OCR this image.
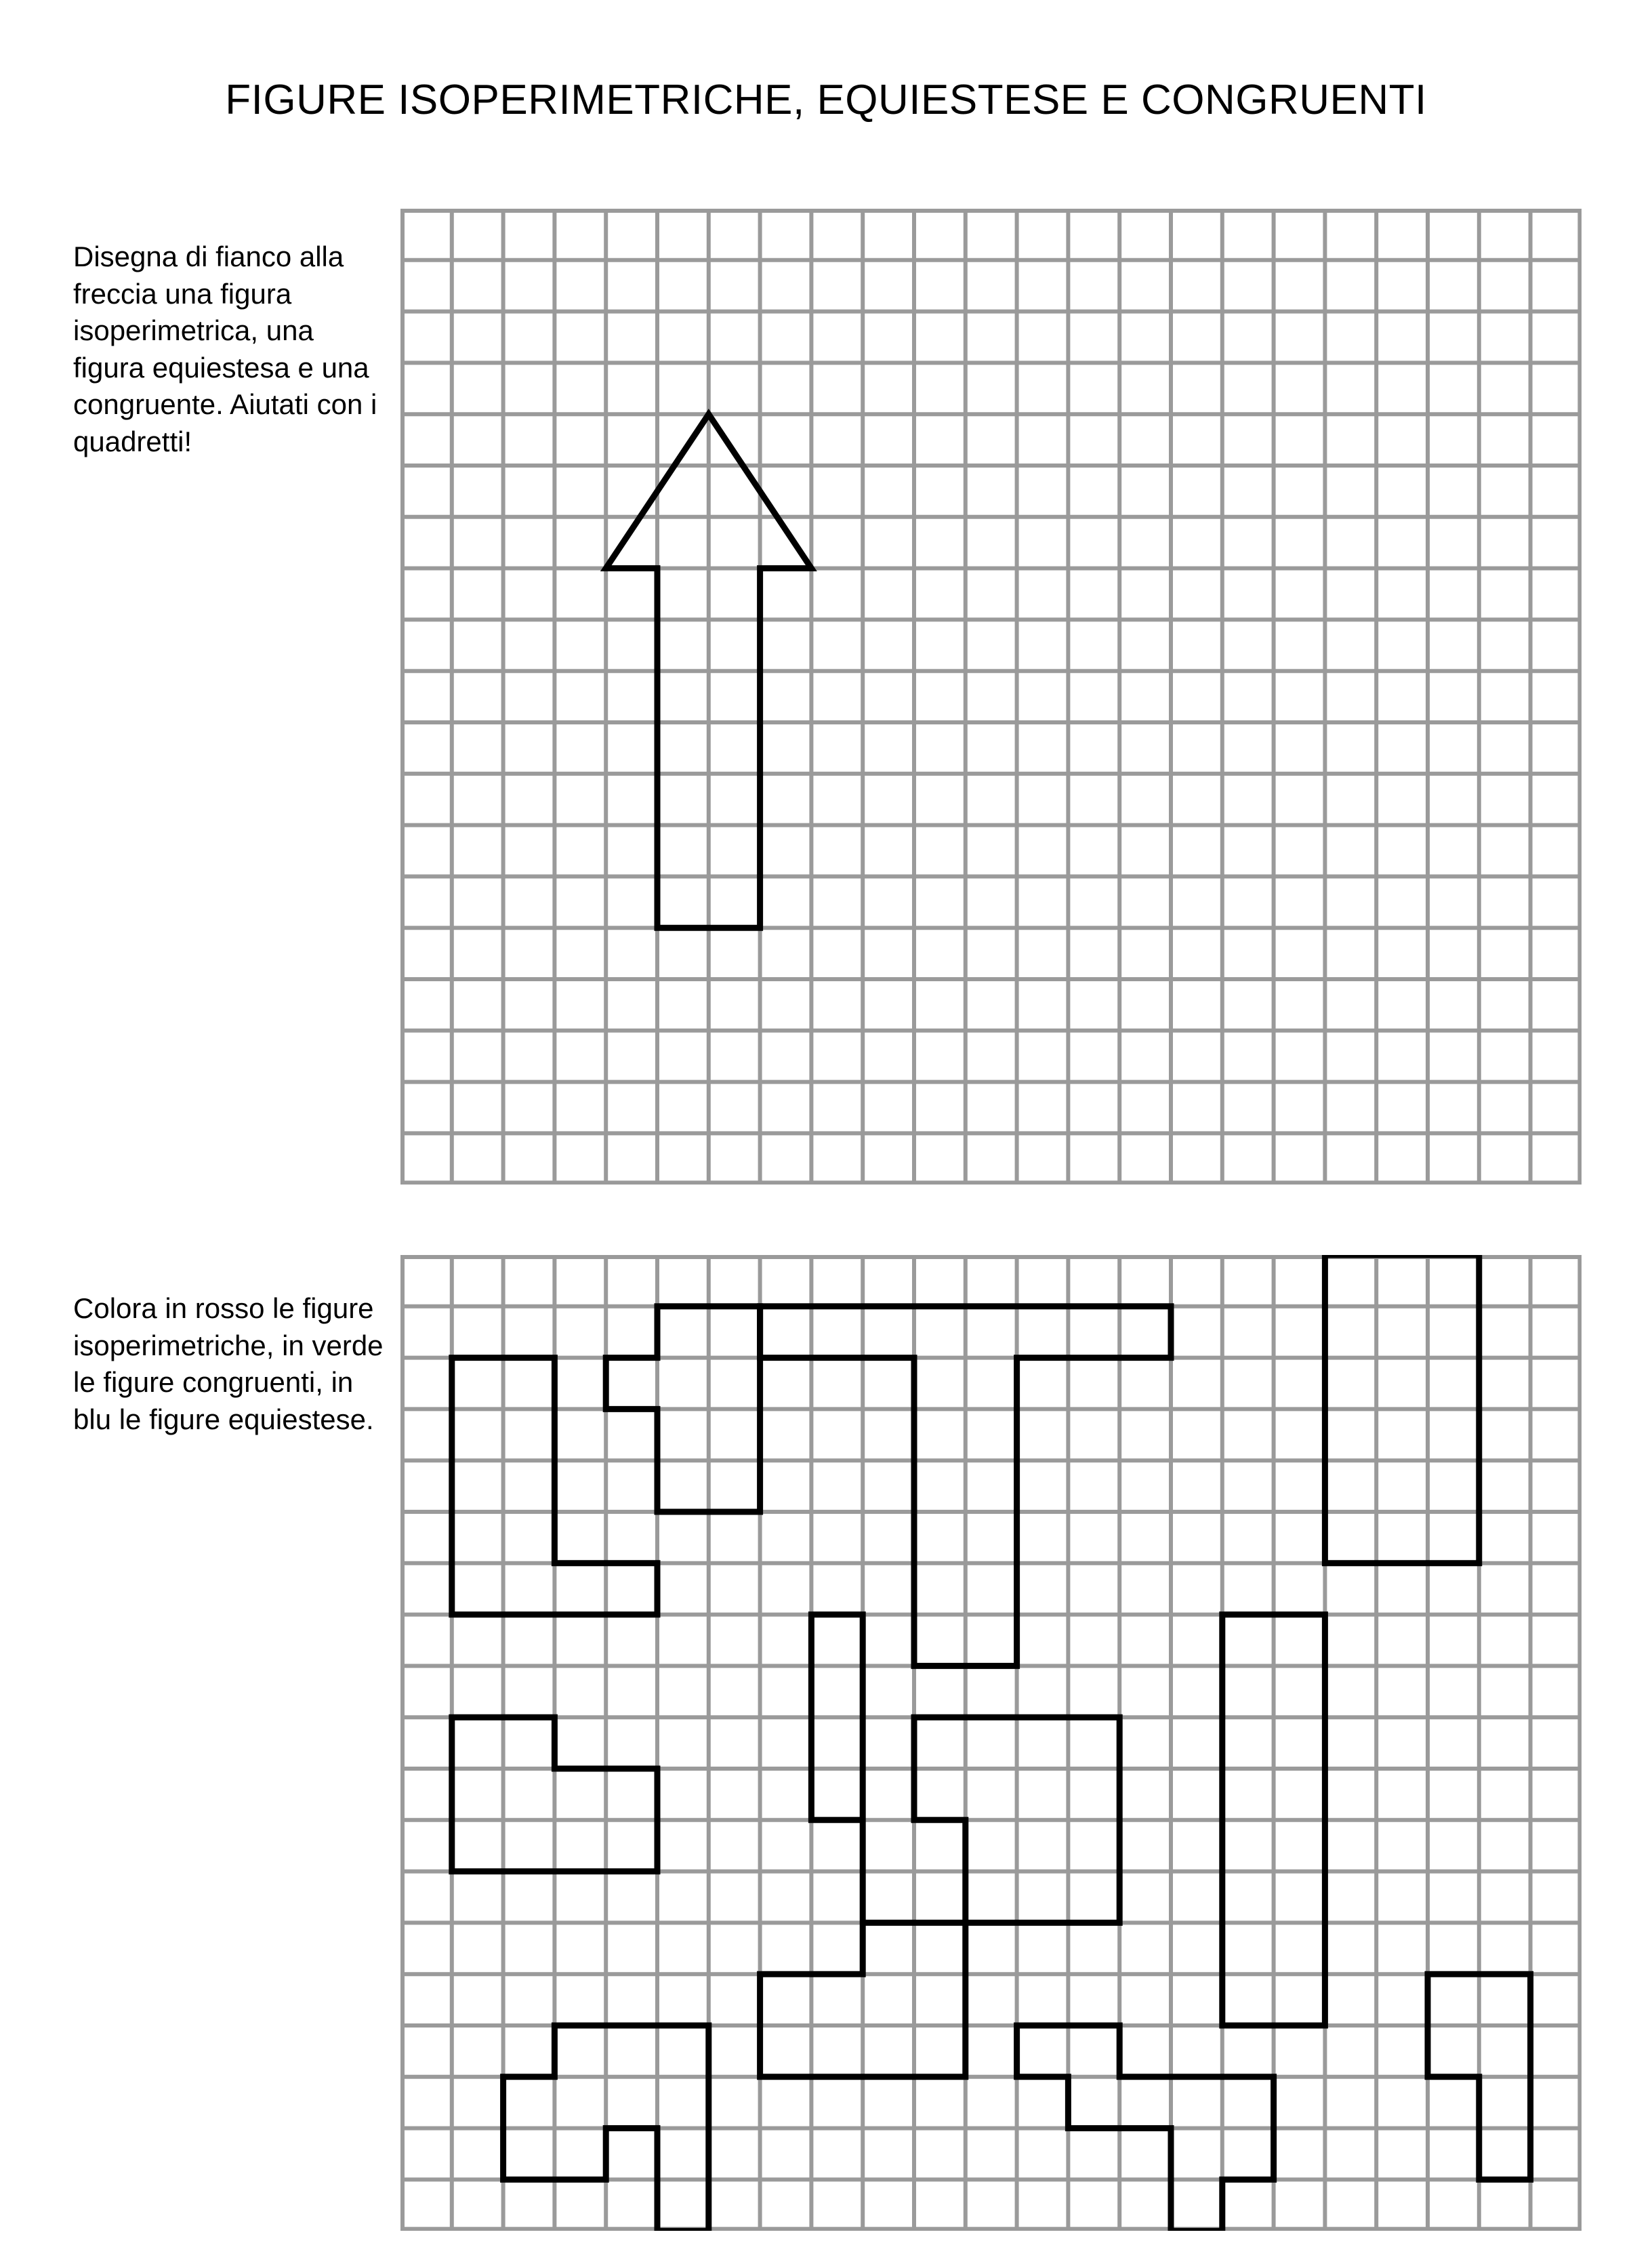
FIGURE ISOPERIMETRICHE, EQUIESTESE E CONGRUENTI

Disegna di fianco alla freccia una figura isoperimetrica, una figura equiestesa e una congruente. Aiutati con i quadretti!

Colora in rosso le figure isoperimetriche, in verde le figure congruenti, in blu le figure equiestese.
